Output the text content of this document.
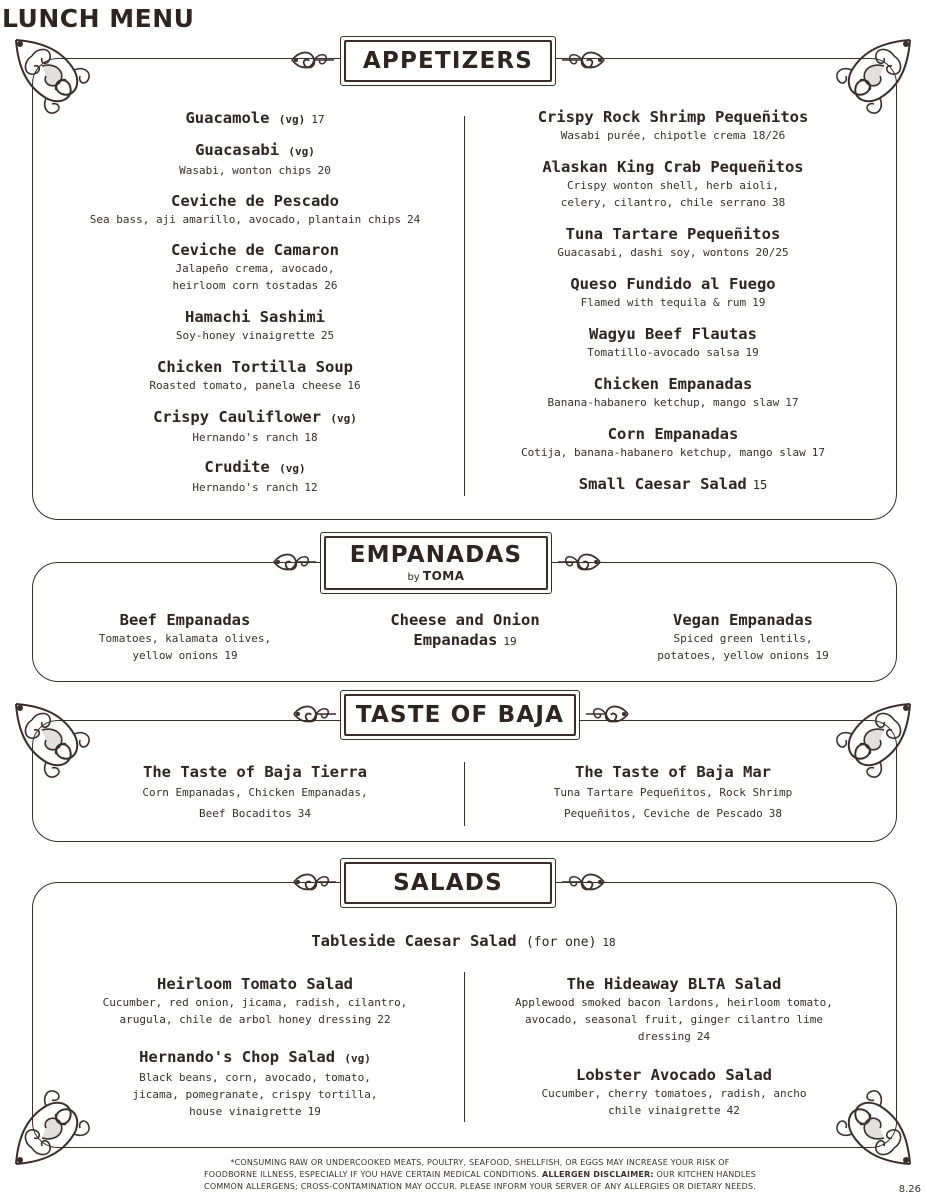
LUNCH MENU
APPETIZERS
Guacamole (vg) 17
Guacasabi (vg)
Wasabi, wonton chips 20
Ceviche de Pescado
Sea bass, aji amarillo, avocado, plantain chips 24
Ceviche de Camaron
Jalapeño crema, avocado,
heirloom corn tostadas 26
Hamachi Sashimi
Soy-honey vinaigrette 25
Chicken Tortilla Soup
Roasted tomato, panela cheese 16
Crispy Cauliflower (vg)
Hernando's ranch 18
Crudite (vg)
Hernando's ranch 12
Crispy Rock Shrimp Pequeñitos
Wasabi purée, chipotle crema 18/26
Alaskan King Crab Pequeñitos
Crispy wonton shell, herb aioli,
celery, cilantro, chile serrano 38
Tuna Tartare Pequeñitos
Guacasabi, dashi soy, wontons 20/25
Queso Fundido al Fuego
Flamed with tequila & rum 19
Wagyu Beef Flautas
Tomatillo-avocado salsa 19
Chicken Empanadas
Banana-habanero ketchup, mango slaw 17
Corn Empanadas
Cotija, banana-habanero ketchup, mango slaw 17
Small Caesar Salad 15
EMPANADAS
by TOMA
Beef Empanadas
Tomatoes, kalamata olives,
yellow onions 19
Cheese and Onion
Empanadas 19
Vegan Empanadas
Spiced green lentils,
potatoes, yellow onions 19
TASTE OF BAJA
The Taste of Baja Tierra
Corn Empanadas, Chicken Empanadas,
Beef Bocaditos 34
The Taste of Baja Mar
Tuna Tartare Pequeñitos, Rock Shrimp
Pequeñitos, Ceviche de Pescado 38
SALADS
Tableside Caesar Salad (for one) 18
Heirloom Tomato Salad
Cucumber, red onion, jicama, radish, cilantro,
arugula, chile de arbol honey dressing 22
Hernando's Chop Salad (vg)
Black beans, corn, avocado, tomato,
jicama, pomegranate, crispy tortilla,
house vinaigrette 19
The Hideaway BLTA Salad
Applewood smoked bacon lardons, heirloom tomato,
avocado, seasonal fruit, ginger cilantro lime
dressing 24
Lobster Avocado Salad
Cucumber, cherry tomatoes, radish, ancho
chile vinaigrette 42
*CONSUMING RAW OR UNDERCOOKED MEATS, POULTRY, SEAFOOD, SHELLFISH, OR EGGS MAY INCREASE YOUR RISK OF
FOODBORNE ILLNESS, ESPECIALLY IF YOU HAVE CERTAIN MEDICAL CONDITIONS. ALLERGEN DISCLAIMER: OUR KITCHEN HANDLES
COMMON ALLERGENS; CROSS-CONTAMINATION MAY OCCUR. PLEASE INFORM YOUR SERVER OF ANY ALLERGIES OR DIETARY NEEDS.	8.26
